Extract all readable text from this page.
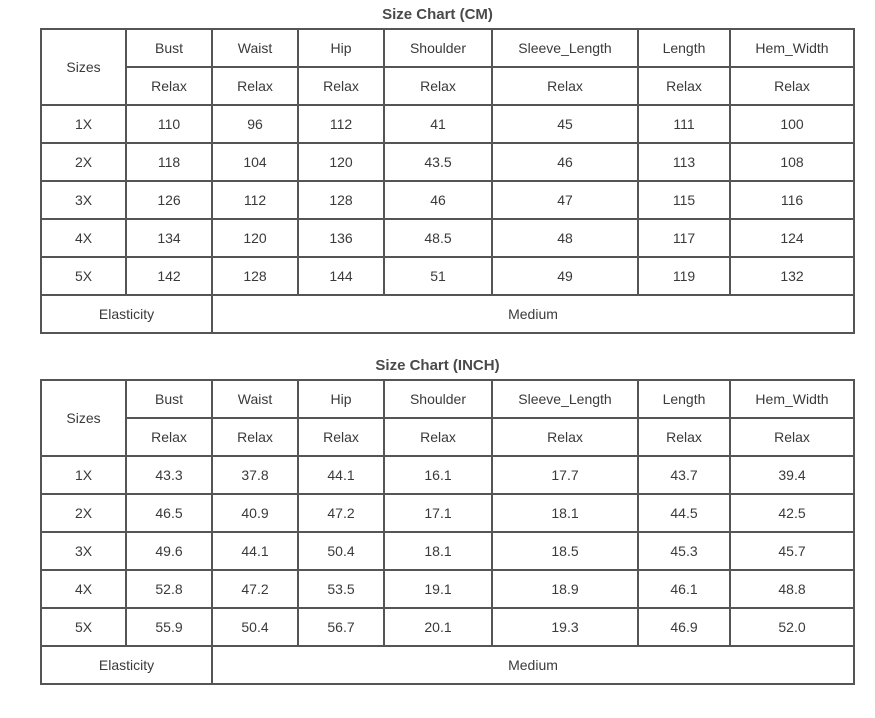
Size Chart (CM)
Sizes	Bust	Waist	Hip	Shoulder	Sleeve_Length	Length	Hem_Width
	Relax	Relax	Relax	Relax	Relax	Relax	Relax
1X	110	96	112	41	45	111	100
2X	118	104	120	43.5	46	113	108
3X	126	112	128	46	47	115	116
4X	134	120	136	48.5	48	117	124
5X	142	128	144	51	49	119	132
Elasticity		Medium					
Size Chart (INCH)
Sizes	Bust	Waist	Hip	Shoulder	Sleeve_Length	Length	Hem_Width
	Relax	Relax	Relax	Relax	Relax	Relax	Relax
1X	43.3	37.8	44.1	16.1	17.7	43.7	39.4
2X	46.5	40.9	47.2	17.1	18.1	44.5	42.5
3X	49.6	44.1	50.4	18.1	18.5	45.3	45.7
4X	52.8	47.2	53.5	19.1	18.9	46.1	48.8
5X	55.9	50.4	56.7	20.1	19.3	46.9	52.0
Elasticity		Medium					
